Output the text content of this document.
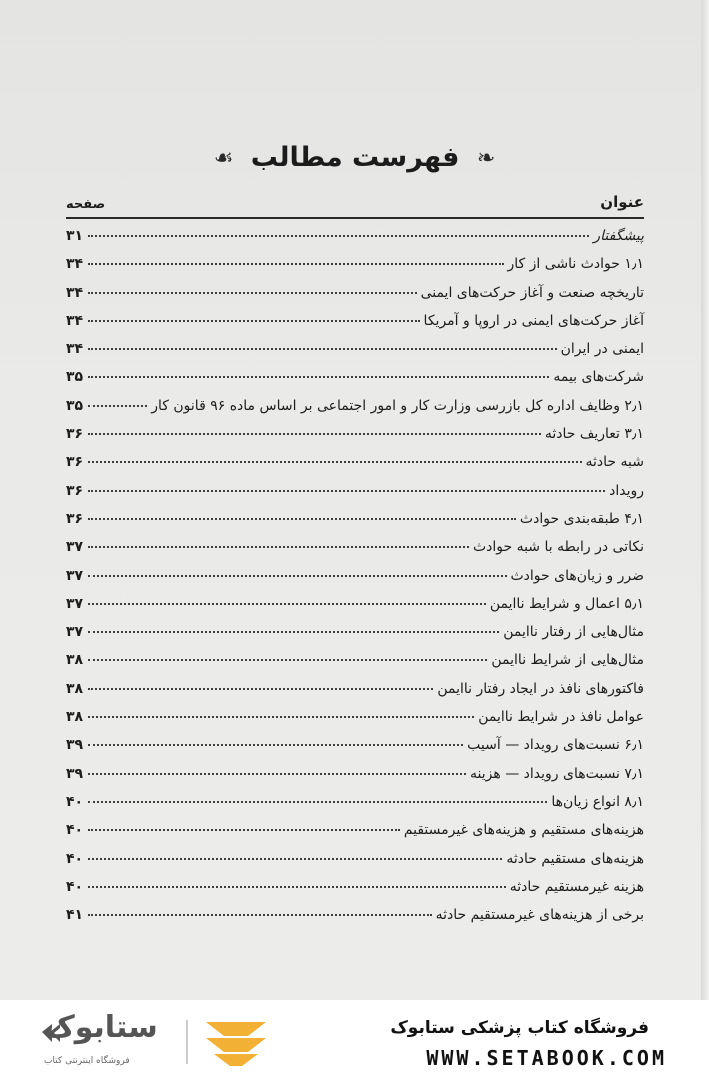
❧ فهرست مطالب ☙
عنوان
صفحه
پیشگفتار
۳۱
۱٫۱ حوادث ناشی از کار
۳۴
تاریخچه صنعت و آغاز حرکت‌های ایمنی
۳۴
آغاز حرکت‌های ایمنی در اروپا و آمریکا
۳۴
ایمنی در ایران
۳۴
شرکت‌های بیمه
۳۵
۲٫۱ وظایف اداره کل بازرسی وزارت کار و امور اجتماعی بر اساس ماده ۹۶ قانون کار
۳۵
۳٫۱ تعاریف حادثه
۳۶
شبه حادثه
۳۶
رویداد
۳۶
۴٫۱ طبقه‌بندی حوادث
۳۶
نکاتی در رابطه با شبه حوادث
۳۷
ضرر و زیان‌های حوادث
۳۷
۵٫۱ اعمال و شرایط ناایمن
۳۷
مثال‌هایی از رفتار ناایمن
۳۷
مثال‌هایی از شرایط ناایمن
۳۸
فاکتورهای نافذ در ایجاد رفتار ناایمن
۳۸
عوامل نافذ در شرایط ناایمن
۳۸
۶٫۱ نسبت‌های رویداد — آسیب
۳۹
۷٫۱ نسبت‌های رویداد — هزینه
۳۹
۸٫۱ انواع زیان‌ها
۴۰
هزینه‌های مستقیم و هزینه‌های غیرمستقیم
۴۰
هزینه‌های مستقیم حادثه
۴۰
هزینه غیرمستقیم حادثه
۴۰
برخی از هزینه‌های غیرمستقیم حادثه
۴۱
ستابوک
فروشگاه اینترنتی کتاب
فروشگاه کتاب پزشکی ستابوک
WWW.SETABOOK.COM
